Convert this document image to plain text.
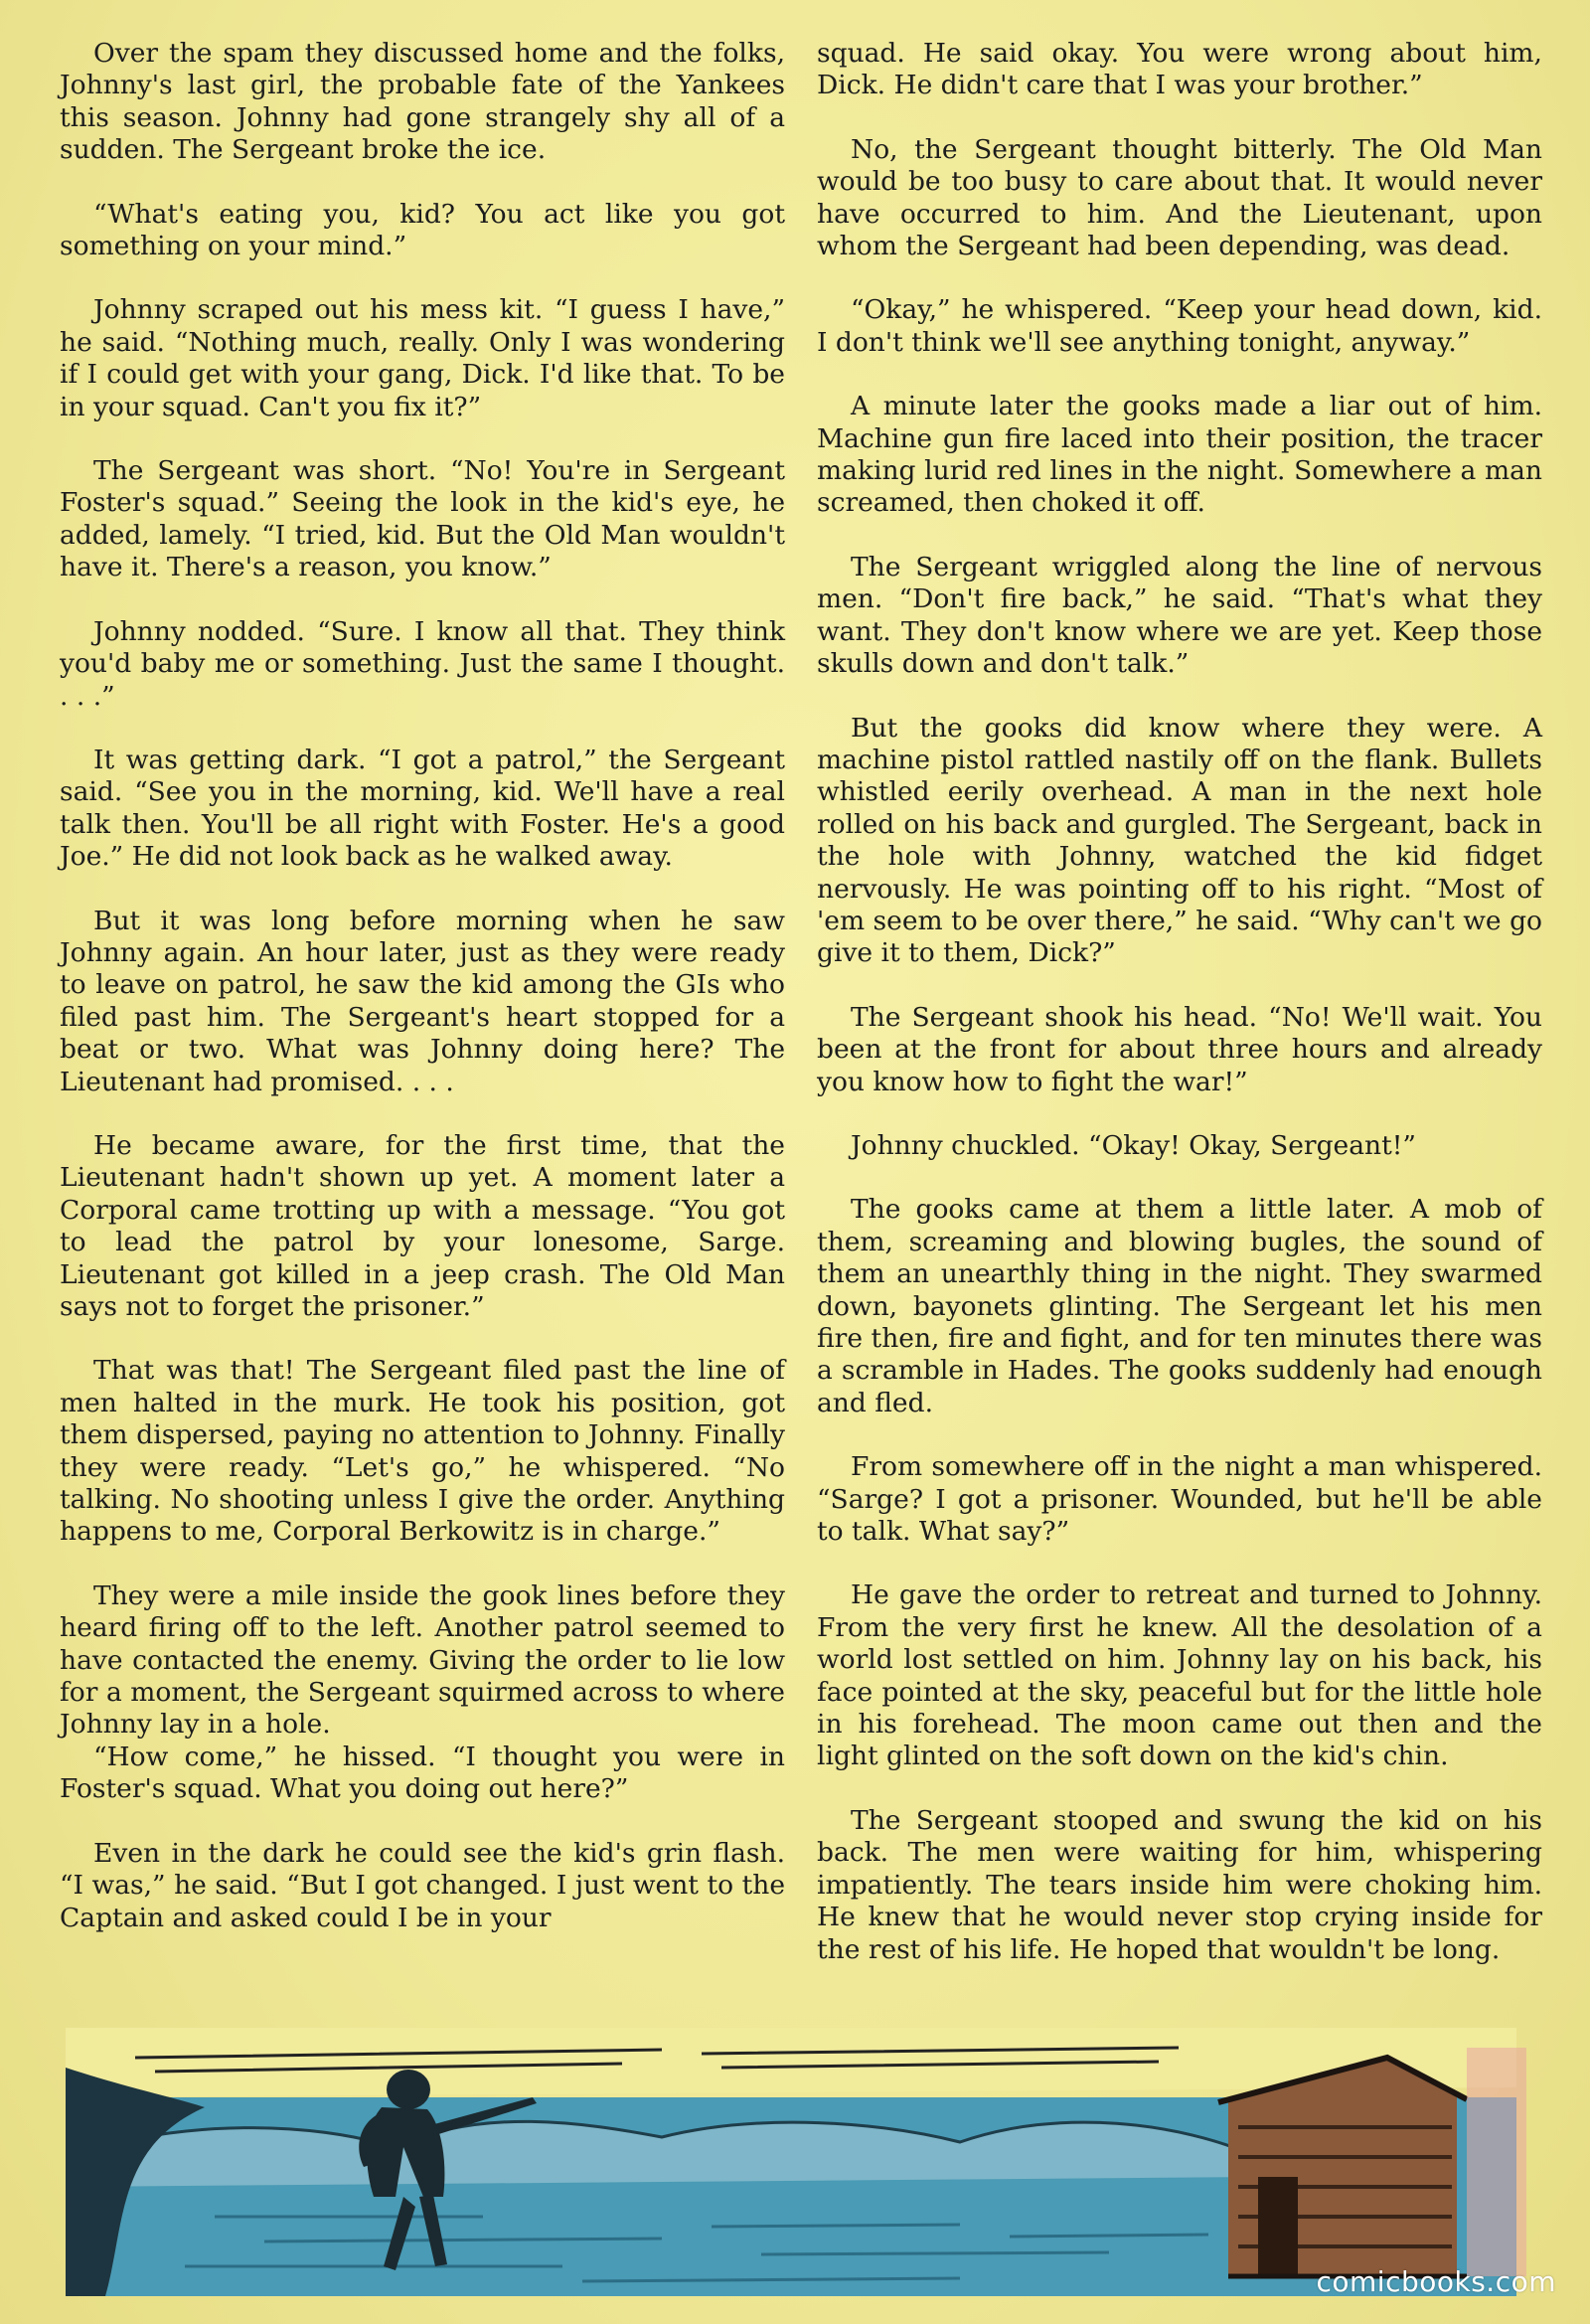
Over the spam they discussed home and the folks, Johnny's last girl, the probable fate of the Yankees this season. Johnny had gone strangely shy all of a sudden. The Sergeant broke the ice.

“What's eating you, kid? You act like you got something on your mind.”

Johnny scraped out his mess kit. “I guess I have,” he said. “Nothing much, really. Only I was wondering if I could get with your gang, Dick. I'd like that. To be in your squad. Can't you fix it?”

The Sergeant was short. “No! You're in Sergeant Foster's squad.” Seeing the look in the kid's eye, he added, lamely. “I tried, kid. But the Old Man wouldn't have it. There's a reason, you know.”

Johnny nodded. “Sure. I know all that. They think you'd baby me or something. Just the same I thought. . . .”

It was getting dark. “I got a patrol,” the Sergeant said. “See you in the morning, kid. We'll have a real talk then. You'll be all right with Foster. He's a good Joe.” He did not look back as he walked away.

But it was long before morning when he saw Johnny again. An hour later, just as they were ready to leave on patrol, he saw the kid among the GIs who filed past him. The Sergeant's heart stopped for a beat or two. What was Johnny doing here? The Lieutenant had promised. . . .

He became aware, for the first time, that the Lieutenant hadn't shown up yet. A moment later a Corporal came trotting up with a message. “You got to lead the patrol by your lonesome, Sarge. Lieutenant got killed in a jeep crash. The Old Man says not to forget the prisoner.”

That was that! The Sergeant filed past the line of men halted in the murk. He took his position, got them dispersed, paying no attention to Johnny. Finally they were ready. “Let's go,” he whispered. “No talking. No shooting unless I give the order. Anything happens to me, Corporal Berkowitz is in charge.”

They were a mile inside the gook lines before they heard firing off to the left. Another patrol seemed to have contacted the enemy. Giving the order to lie low for a moment, the Sergeant squirmed across to where Johnny lay in a hole.

“How come,” he hissed. “I thought you were in Foster's squad. What you doing out here?”

Even in the dark he could see the kid's grin flash. “I was,” he said. “But I got changed. I just went to the Captain and asked could I be in your

squad. He said okay. You were wrong about him, Dick. He didn't care that I was your brother.”

No, the Sergeant thought bitterly. The Old Man would be too busy to care about that. It would never have occurred to him. And the Lieutenant, upon whom the Sergeant had been depending, was dead.

“Okay,” he whispered. “Keep your head down, kid. I don't think we'll see anything tonight, anyway.”

A minute later the gooks made a liar out of him. Machine gun fire laced into their position, the tracer making lurid red lines in the night. Somewhere a man screamed, then choked it off.

The Sergeant wriggled along the line of nervous men. “Don't fire back,” he said. “That's what they want. They don't know where we are yet. Keep those skulls down and don't talk.”

But the gooks did know where they were. A machine pistol rattled nastily off on the flank. Bullets whistled eerily overhead. A man in the next hole rolled on his back and gurgled. The Sergeant, back in the hole with Johnny, watched the kid fidget nervously. He was pointing off to his right. “Most of 'em seem to be over there,” he said. “Why can't we go give it to them, Dick?”

The Sergeant shook his head. “No! We'll wait. You been at the front for about three hours and already you know how to fight the war!”

Johnny chuckled. “Okay! Okay, Sergeant!”

The gooks came at them a little later. A mob of them, screaming and blowing bugles, the sound of them an unearthly thing in the night. They swarmed down, bayonets glinting. The Sergeant let his men fire then, fire and fight, and for ten minutes there was a scramble in Hades. The gooks suddenly had enough and fled.

From somewhere off in the night a man whispered. “Sarge? I got a prisoner. Wounded, but he'll be able to talk. What say?”

He gave the order to retreat and turned to Johnny. From the very first he knew. All the desolation of a world lost settled on him. Johnny lay on his back, his face pointed at the sky, peaceful but for the little hole in his forehead. The moon came out then and the light glinted on the soft down on the kid's chin.

The Sergeant stooped and swung the kid on his back. The men were waiting for him, whispering impatiently. The tears inside him were choking him. He knew that he would never stop crying inside for the rest of his life. He hoped that wouldn't be long.

comicbooks.com
